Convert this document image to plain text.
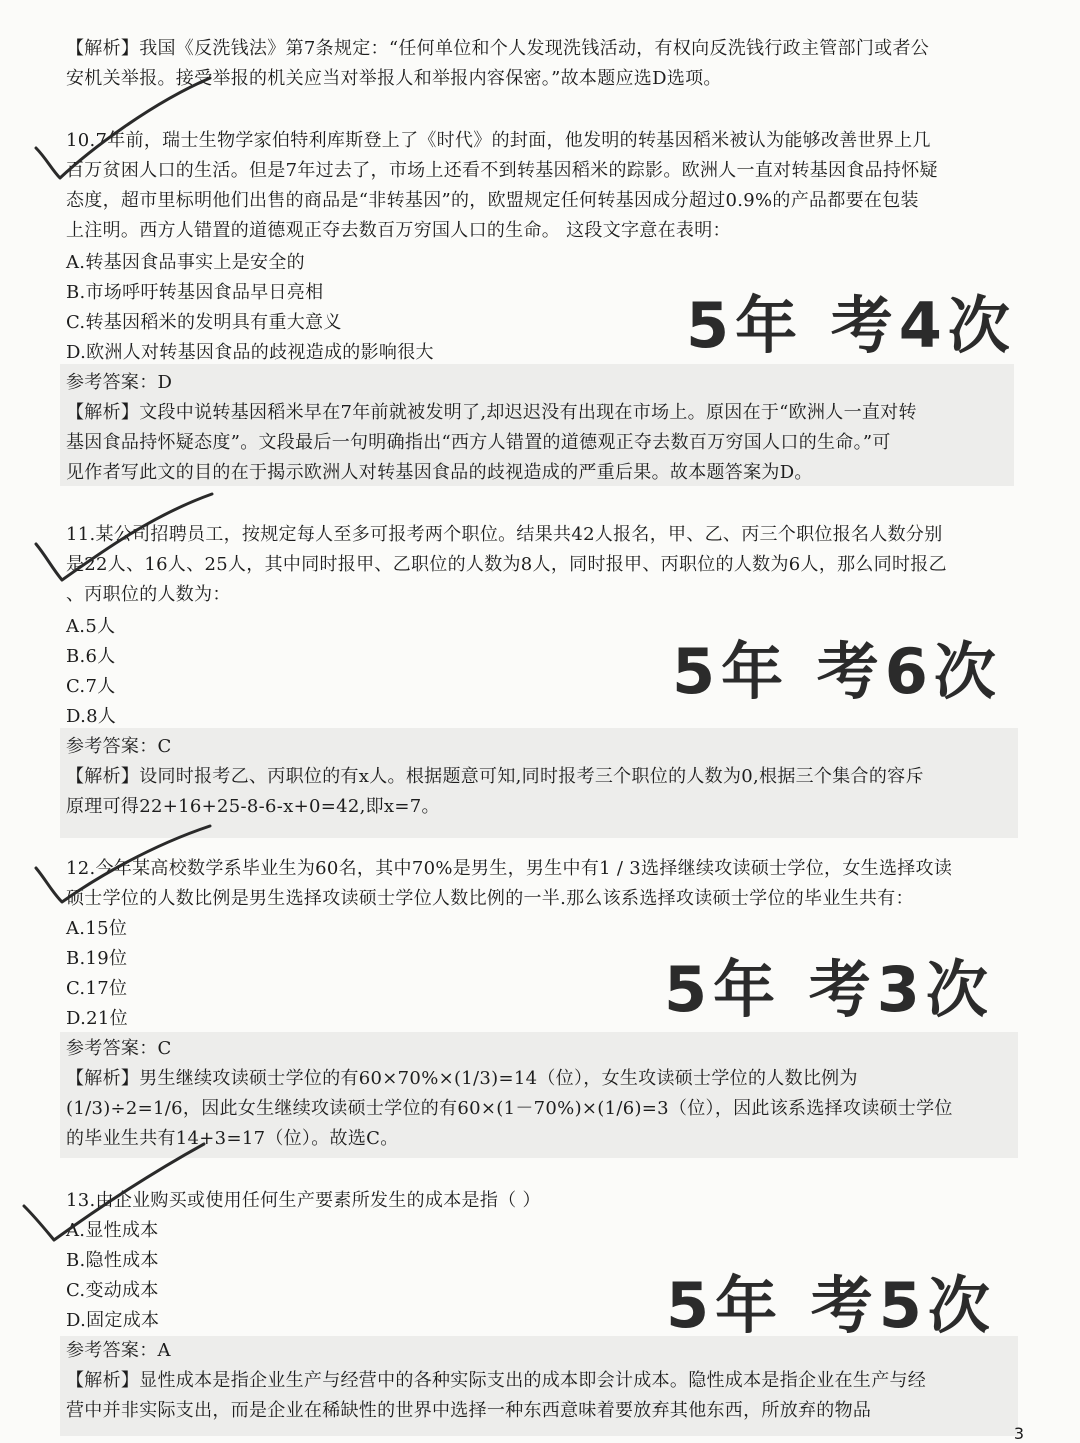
【解析】我国《反洗钱法》第7条规定：“任何单位和个人发现洗钱活动，有权向反洗钱行政主管部门或者公
安机关举报。接受举报的机关应当对举报人和举报内容保密。”故本题应选D选项。
10.7年前，瑞士生物学家伯特利库斯登上了《时代》的封面，他发明的转基因稻米被认为能够改善世界上几
百万贫困人口的生活。但是7年过去了，市场上还看不到转基因稻米的踪影。欧洲人一直对转基因食品持怀疑
态度，超市里标明他们出售的商品是“非转基因”的，欧盟规定任何转基因成分超过0.9%的产品都要在包装
上注明。西方人错置的道德观正夺去数百万穷国人口的生命。 这段文字意在表明：
A.转基因食品事实上是安全的
B.市场呼吁转基因食品早日亮相
C.转基因稻米的发明具有重大意义
D.欧洲人对转基因食品的歧视造成的影响很大
参考答案：D
【解析】文段中说转基因稻米早在7年前就被发明了,却迟迟没有出现在市场上。原因在于“欧洲人一直对转
基因食品持怀疑态度”。文段最后一句明确指出“西方人错置的道德观正夺去数百万穷国人口的生命。”可
见作者写此文的目的在于揭示欧洲人对转基因食品的歧视造成的严重后果。故本题答案为D。
5年 考4次
11.某公司招聘员工，按规定每人至多可报考两个职位。结果共42人报名，甲、乙、丙三个职位报名人数分别
是22人、16人、25人，其中同时报甲、乙职位的人数为8人，同时报甲、丙职位的人数为6人，那么同时报乙
、丙职位的人数为：
A.5人
B.6人
C.7人
D.8人
参考答案：C
【解析】设同时报考乙、丙职位的有x人。根据题意可知,同时报考三个职位的人数为0,根据三个集合的容斥
原理可得22+16+25-8-6-x+0=42,即x=7。
5年 考6次
12.今年某高校数学系毕业生为60名，其中70%是男生，男生中有1 / 3选择继续攻读硕士学位，女生选择攻读
硕士学位的人数比例是男生选择攻读硕士学位人数比例的一半.那么该系选择攻读硕士学位的毕业生共有：
A.15位
B.19位
C.17位
D.21位
参考答案：C
【解析】男生继续攻读硕士学位的有60×70%×(1/3)=14（位），女生攻读硕士学位的人数比例为
(1/3)÷2=1/6，因此女生继续攻读硕士学位的有60×(1－70%)×(1/6)=3（位），因此该系选择攻读硕士学位
的毕业生共有14+3=17（位）。故选C。
5年 考3次
13.由企业购买或使用任何生产要素所发生的成本是指（ ）
A.显性成本
B.隐性成本
C.变动成本
D.固定成本
参考答案：A
【解析】显性成本是指企业生产与经营中的各种实际支出的成本即会计成本。隐性成本是指企业在生产与经
营中并非实际支出，而是企业在稀缺性的世界中选择一种东西意味着要放弃其他东西，所放弃的物品
5年 考5次
3
